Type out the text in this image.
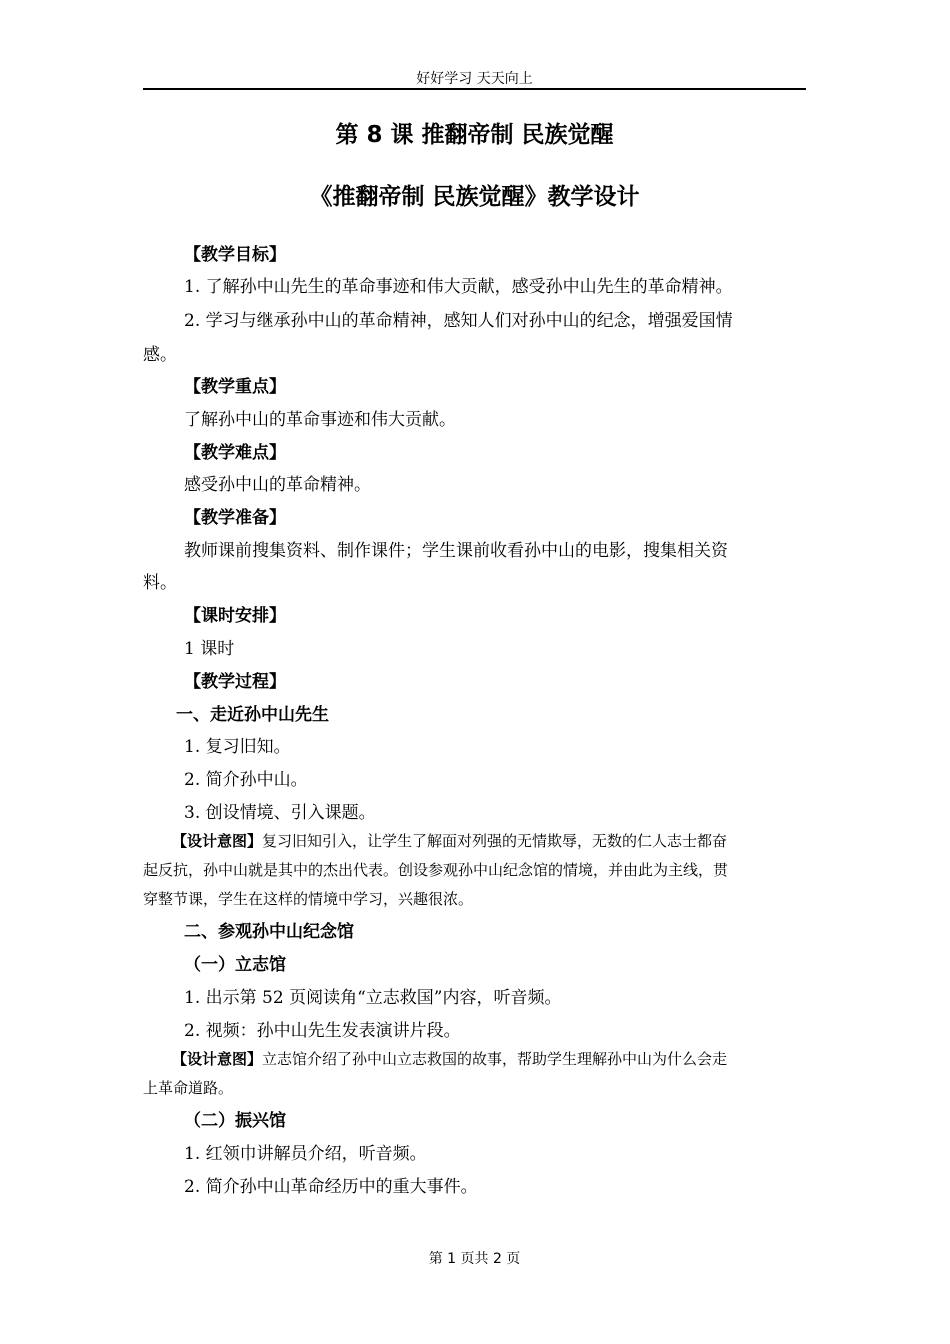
好好学习 天天向上
第 8 课 推翻帝制 民族觉醒
《推翻帝制 民族觉醒》教学设计
【教学目标】
1. 了解孙中山先生的革命事迹和伟大贡献，感受孙中山先生的革命精神。
2. 学习与继承孙中山的革命精神，感知人们对孙中山的纪念，增强爱国情
感。
【教学重点】
了解孙中山的革命事迹和伟大贡献。
【教学难点】
感受孙中山的革命精神。
【教学准备】
教师课前搜集资料、制作课件；学生课前收看孙中山的电影，搜集相关资
料。
【课时安排】
1 课时
【教学过程】
一、走近孙中山先生
1. 复习旧知。
2. 简介孙中山。
3. 创设情境、引入课题。
【设计意图】复习旧知引入，让学生了解面对列强的无情欺辱，无数的仁人志士都奋
起反抗，孙中山就是其中的杰出代表。创设参观孙中山纪念馆的情境，并由此为主线，贯
穿整节课，学生在这样的情境中学习，兴趣很浓。
二、参观孙中山纪念馆
（一）立志馆
1. 出示第 52 页阅读角“立志救国”内容，听音频。
2. 视频：孙中山先生发表演讲片段。
【设计意图】立志馆介绍了孙中山立志救国的故事，帮助学生理解孙中山为什么会走
上革命道路。
（二）振兴馆
1. 红领巾讲解员介绍，听音频。
2. 简介孙中山革命经历中的重大事件。
第 1 页共 2 页
